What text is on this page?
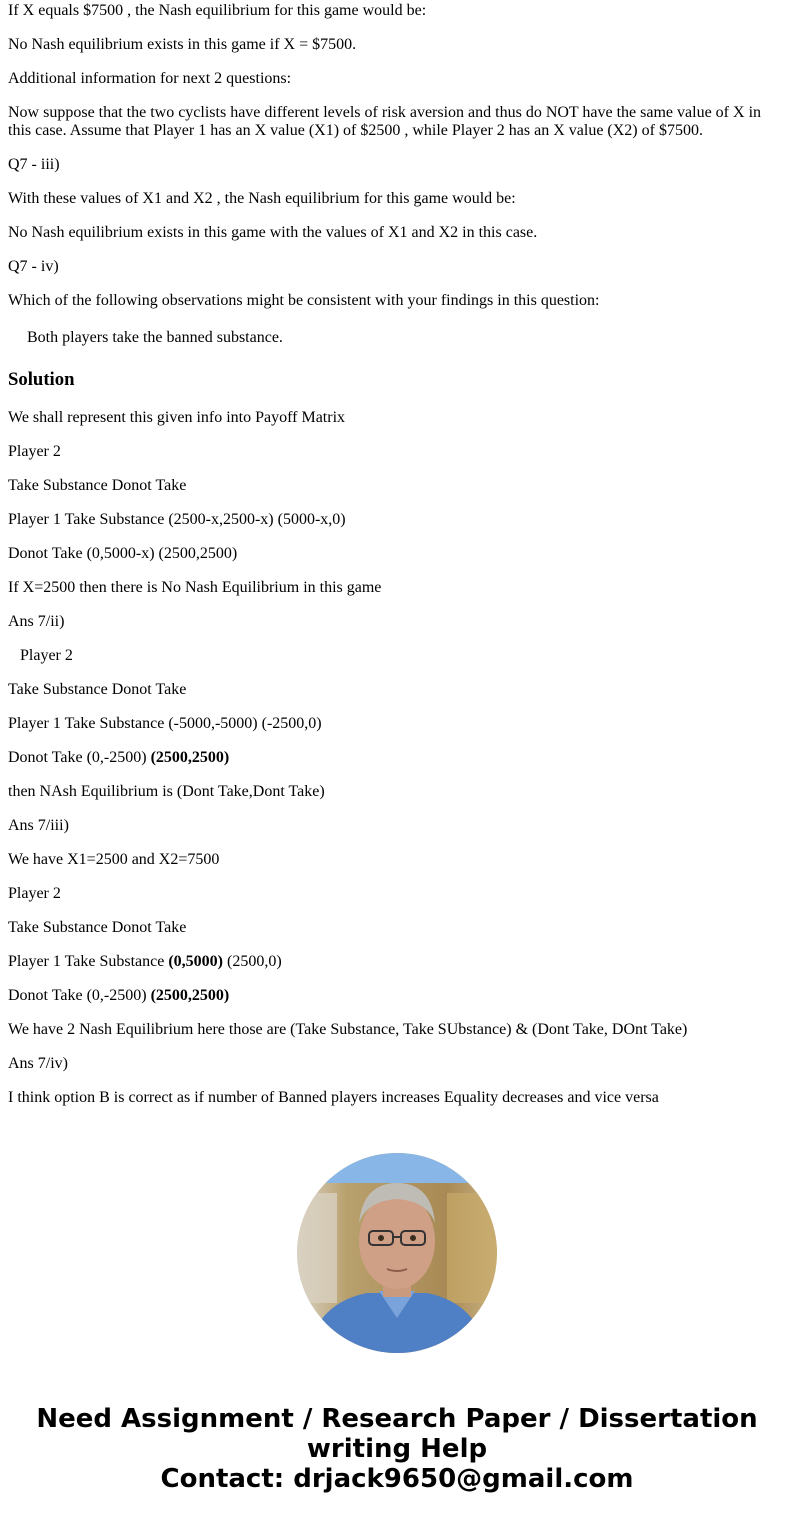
If X equals $7500 , the Nash equilibrium for this game would be:

No Nash equilibrium exists in this game if X = $7500.

Additional information for next 2 questions:

Now suppose that the two cyclists have different levels of risk aversion and thus do NOT have the same value of X in this case. Assume that Player 1 has an X value (X1) of $2500 , while Player 2 has an X value (X2) of $7500.

Q7 - iii)

With these values of X1 and X2 , the Nash equilibrium for this game would be:

No Nash equilibrium exists in this game with the values of X1 and X2 in this case.

Q7 - iv)

Which of the following observations might be consistent with your findings in this question:

Both players take the banned substance.

Solution

We shall represent this given info into Payoff Matrix

Player 2

Take Substance Donot Take

Player 1 Take Substance (2500-x,2500-x) (5000-x,0)

Donot Take (0,5000-x) (2500,2500)

If X=2500 then there is No Nash Equilibrium in this game

Ans 7/ii)

Player 2

Take Substance Donot Take

Player 1 Take Substance (-5000,-5000) (-2500,0)

Donot Take (0,-2500) (2500,2500)

then NAsh Equilibrium is (Dont Take,Dont Take)

Ans 7/iii)

We have X1=2500 and X2=7500

Player 2

Take Substance Donot Take

Player 1 Take Substance (0,5000) (2500,0)

Donot Take (0,-2500) (2500,2500)

We have 2 Nash Equilibrium here those are (Take Substance, Take SUbstance) & (Dont Take, DOnt Take)

Ans 7/iv)

I think option B is correct as if number of Banned players increases Equality decreases and vice versa

Need Assignment / Research Paper / Dissertation
writing Help
Contact: drjack9650@gmail.com
